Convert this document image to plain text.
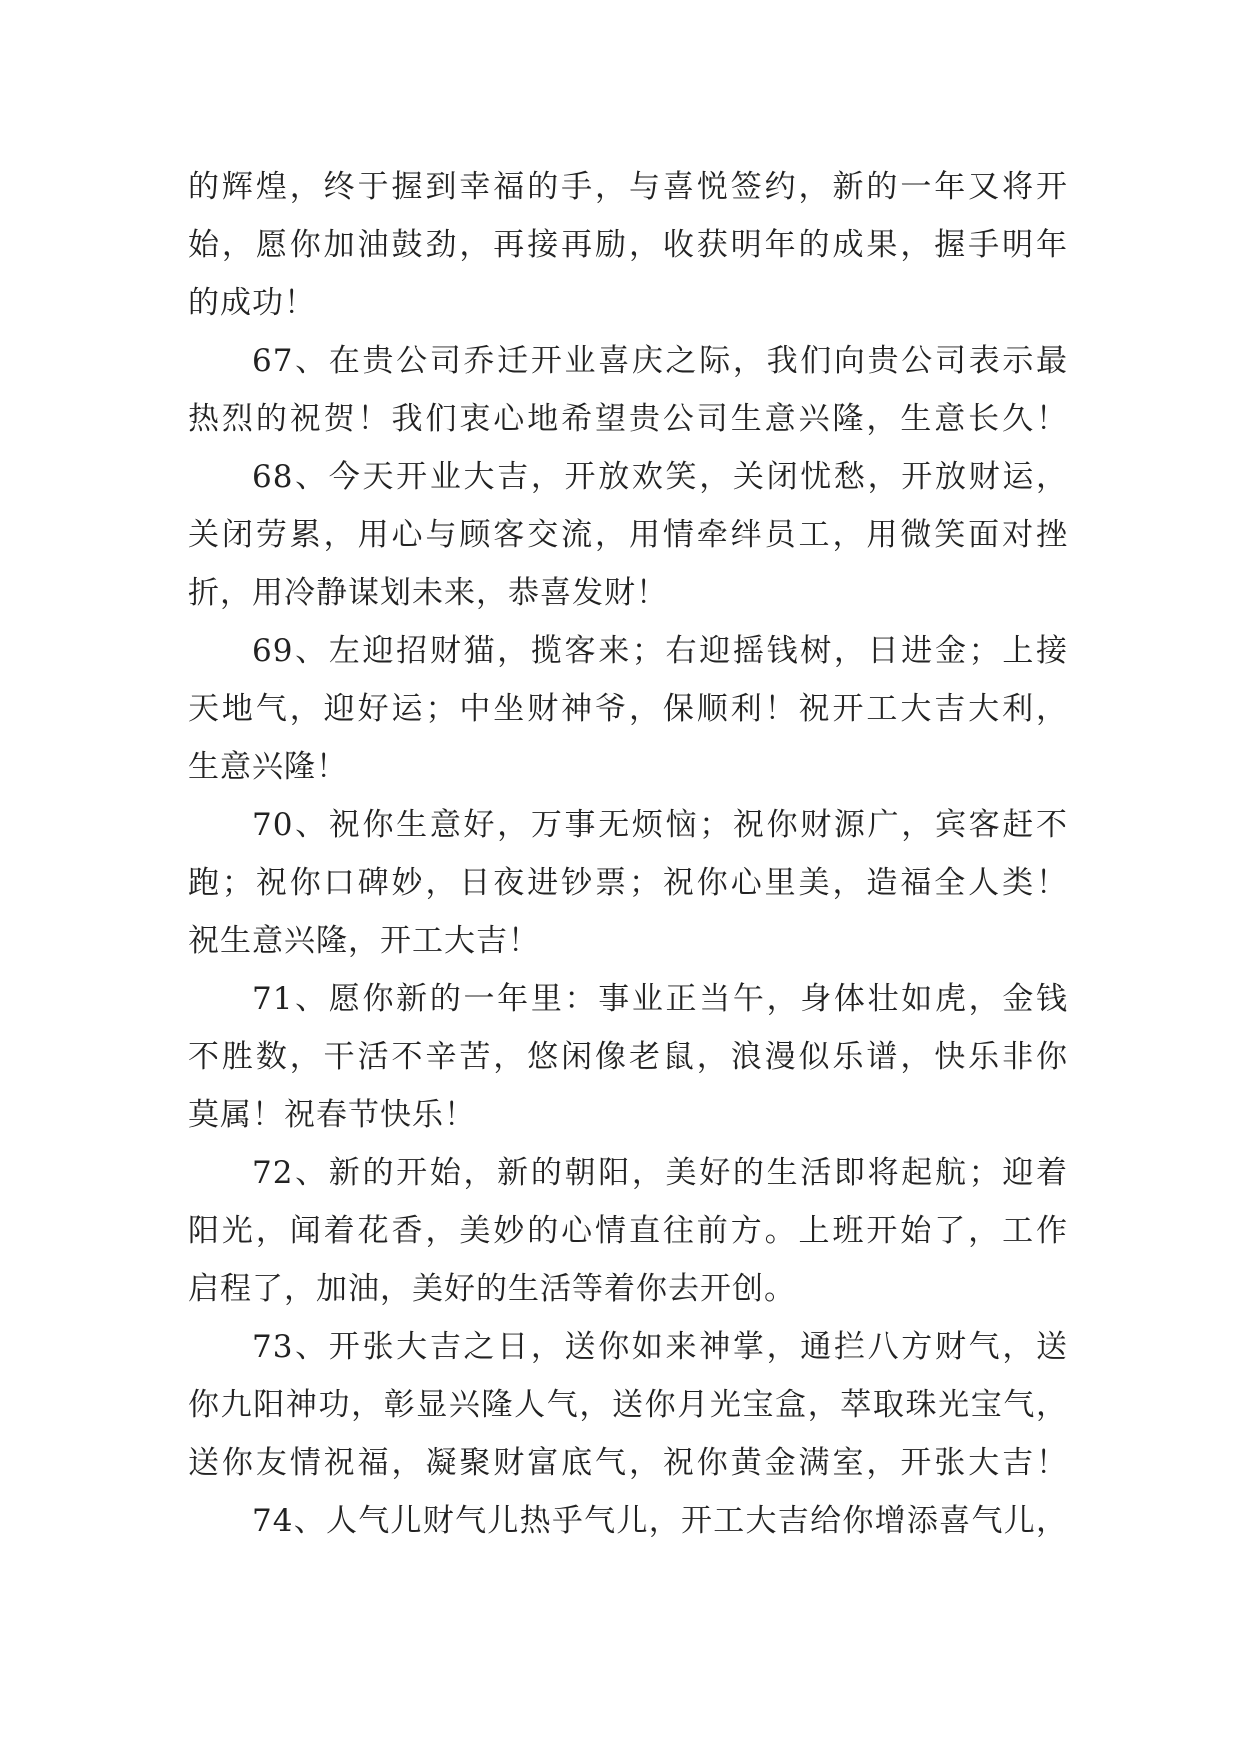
的辉煌，终于握到幸福的手，与喜悦签约，新的一年又将开
始，愿你加油鼓劲，再接再励，收获明年的成果，握手明年
的成功！
67、在贵公司乔迁开业喜庆之际，我们向贵公司表示最
热烈的祝贺！我们衷心地希望贵公司生意兴隆，生意长久！
68、今天开业大吉，开放欢笑，关闭忧愁，开放财运，
关闭劳累，用心与顾客交流，用情牵绊员工，用微笑面对挫
折，用冷静谋划未来，恭喜发财！
69、左迎招财猫，揽客来；右迎摇钱树，日进金；上接
天地气，迎好运；中坐财神爷，保顺利！祝开工大吉大利，
生意兴隆！
70、祝你生意好，万事无烦恼；祝你财源广，宾客赶不
跑；祝你口碑妙，日夜进钞票；祝你心里美，造福全人类！
祝生意兴隆，开工大吉！
71、愿你新的一年里：事业正当午，身体壮如虎，金钱
不胜数，干活不辛苦，悠闲像老鼠，浪漫似乐谱，快乐非你
莫属！祝春节快乐！
72、新的开始，新的朝阳，美好的生活即将起航；迎着
阳光，闻着花香，美妙的心情直往前方。上班开始了，工作
启程了，加油，美好的生活等着你去开创。
73、开张大吉之日，送你如来神掌，通拦八方财气，送
你九阳神功，彰显兴隆人气，送你月光宝盒，萃取珠光宝气，
送你友情祝福，凝聚财富底气，祝你黄金满室，开张大吉！
74、人气儿财气儿热乎气儿，开工大吉给你增添喜气儿，
